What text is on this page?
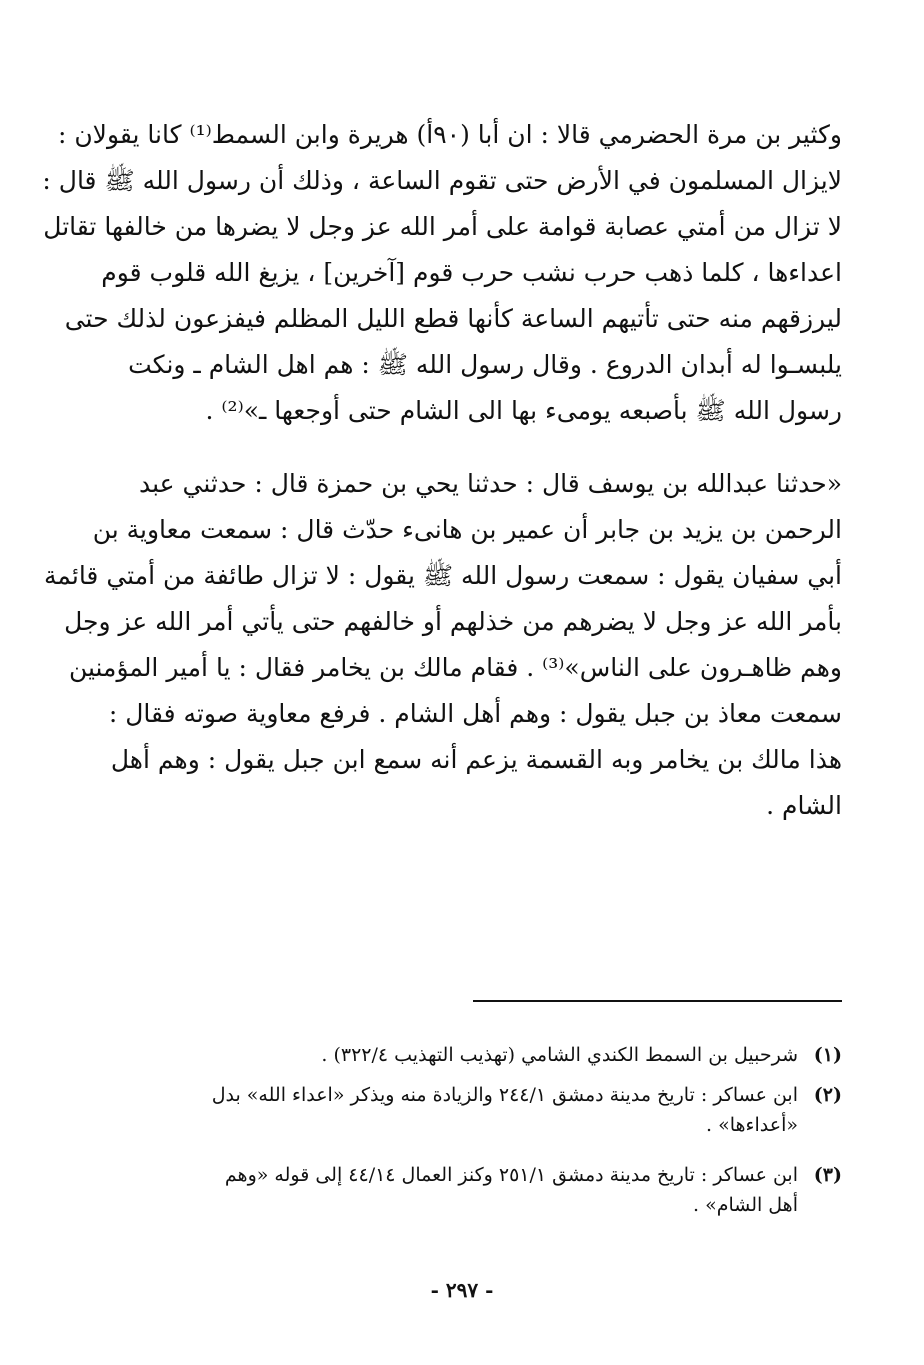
وكثير بن مرة الحضرمي قالا : ان أبا (٩٠أ) هريرة وابن السمط⁽¹⁾ كانا يقولان :
لايزال المسلمون في الأرض حتى تقوم الساعة ، وذلك أن رسول الله ﷺ قال :
لا تزال من أمتي عصابة قوامة على أمر الله عز وجل لا يضرها من خالفها تقاتل
اعداءها ، كلما ذهب حرب نشب حرب قوم [آخرين] ، يزيغ الله قلوب قوم
ليرزقهم منه حتى تأتيهم الساعة كأنها قطع الليل المظلم فيفزعون لذلك حتى
يلبسـوا له أبدان الدروع . وقال رسول الله ﷺ : هم اهل الشام ـ ونكت
رسول الله ﷺ بأصبعه يومىء بها الى الشام حتى أوجعها ـ»⁽²⁾ .
«حدثنا عبدالله بن يوسف قال : حدثنا يحي بن حمزة قال : حدثني عبد
الرحمن بن يزيد بن جابر أن عمير بن هانىء حدّث قال : سمعت معاوية بن
أبي سفيان يقول : سمعت رسول الله ﷺ يقول : لا تزال طائفة من أمتي قائمة
بأمر الله عز وجل لا يضرهم من خذلهم أو خالفهم حتى يأتي أمر الله عز وجل
وهم ظاهـرون على الناس»⁽³⁾ . فقام مالك بن يخامر فقال : يا أمير المؤمنين
سمعت معاذ بن جبل يقول : وهم أهل الشام . فرفع معاوية صوته فقال :
هذا مالك بن يخامر وبه القسمة يزعم أنه سمع ابن جبل يقول : وهم أهل
الشام .
(١)
شرحبيل بن السمط الكندي الشامي (تهذيب التهذيب ٣٢٢/٤) .
(٢)
ابن عساكر : تاريخ مدينة دمشق ٢٤٤/١ والزيادة منه ويذكر «اعداء الله» بدل
«أعداءها» .
(٣)
ابن عساكر : تاريخ مدينة دمشق ٢٥١/١ وكنز العمال ٤٤/١٤ إلى قوله «وهم
أهل الشام» .
- ٢٩٧ -
